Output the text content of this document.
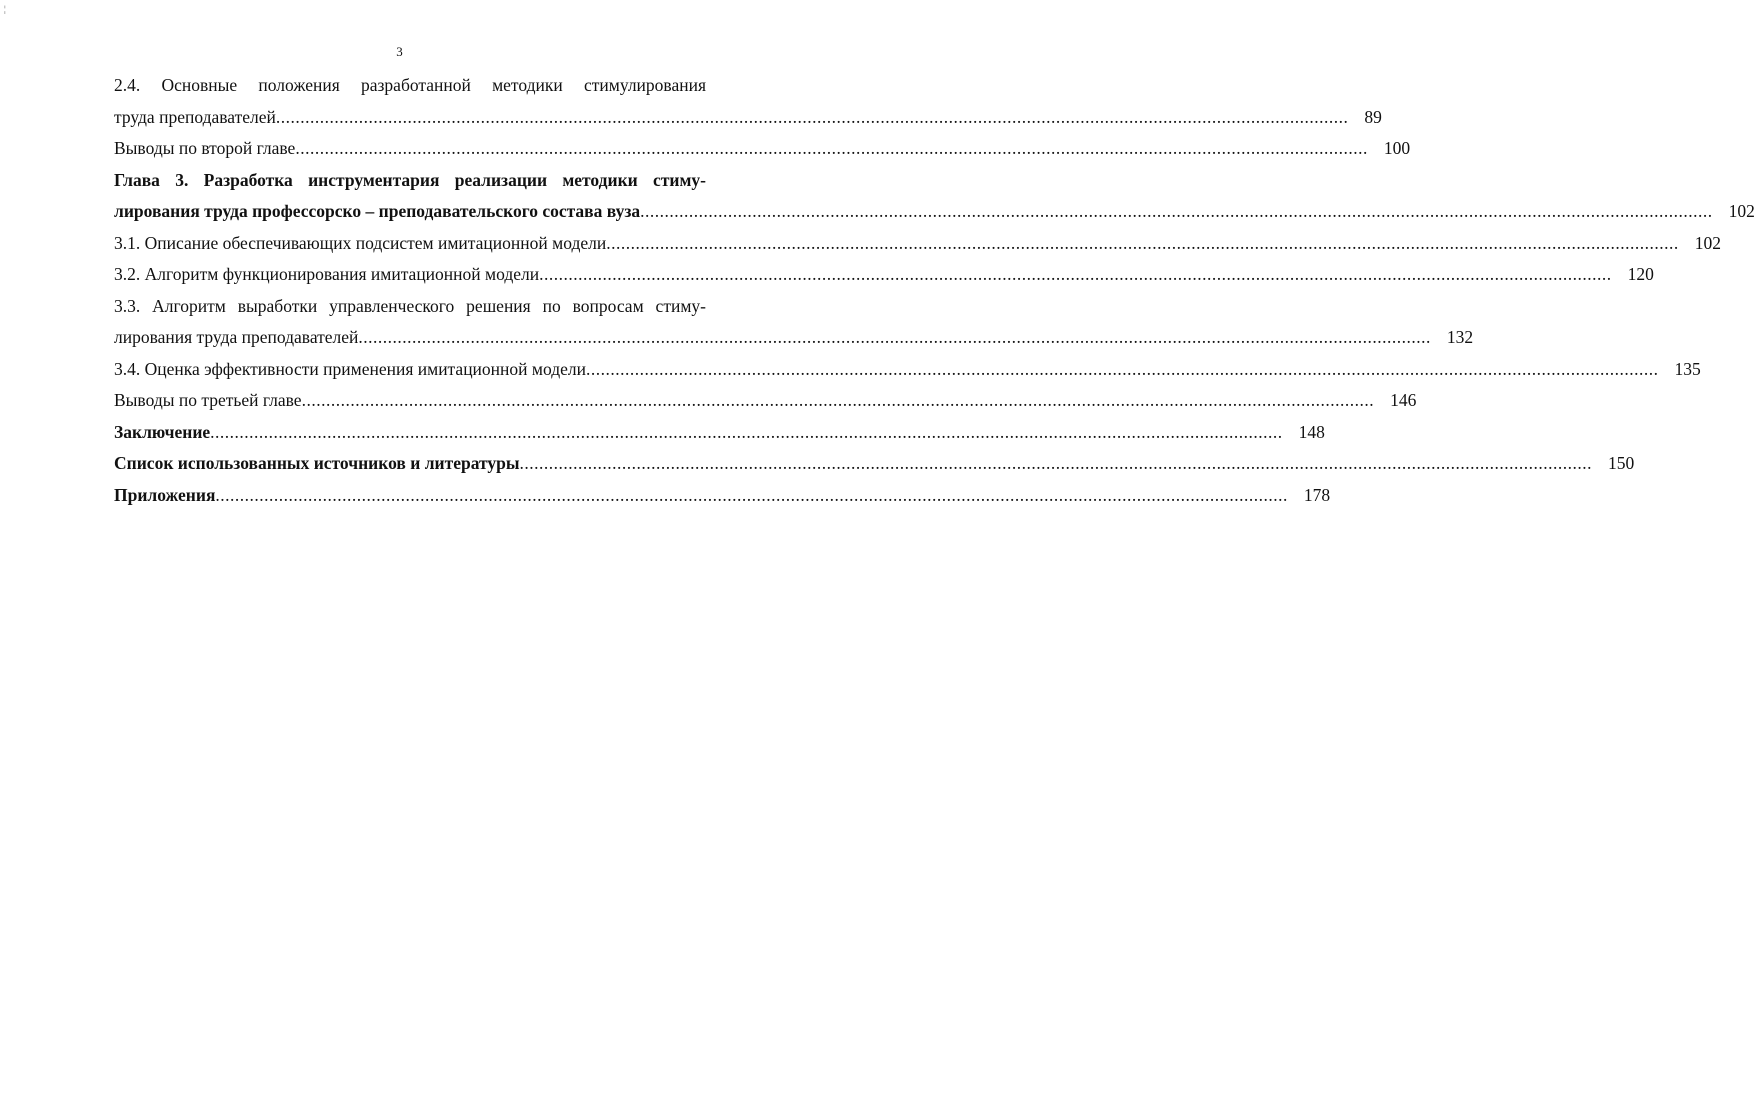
3
2.4. Основные положения разработанной методики стимулирования
труда преподавателей ............................................................................................................................................................................................................................ 89
Выводы по второй главе ............................................................................................................................................................................................................................ 100
Глава 3. Разработка инструментария реализации методики стиму-
лирования труда профессорско – преподавательского состава вуза ............................................................................................................................................................................................................................ 102
3.1. Описание обеспечивающих подсистем имитационной модели ............................................................................................................................................................................................................................ 102
3.2. Алгоритм функционирования имитационной модели ............................................................................................................................................................................................................................ 120
3.3. Алгоритм выработки управленческого решения по вопросам стиму-
лирования труда преподавателей ............................................................................................................................................................................................................................ 132
3.4. Оценка эффективности применения имитационной модели ............................................................................................................................................................................................................................ 135
Выводы по третьей главе ............................................................................................................................................................................................................................ 146
Заключение ............................................................................................................................................................................................................................ 148
Список использованных источников и литературы ............................................................................................................................................................................................................................ 150
Приложения ............................................................................................................................................................................................................................ 178
¦
